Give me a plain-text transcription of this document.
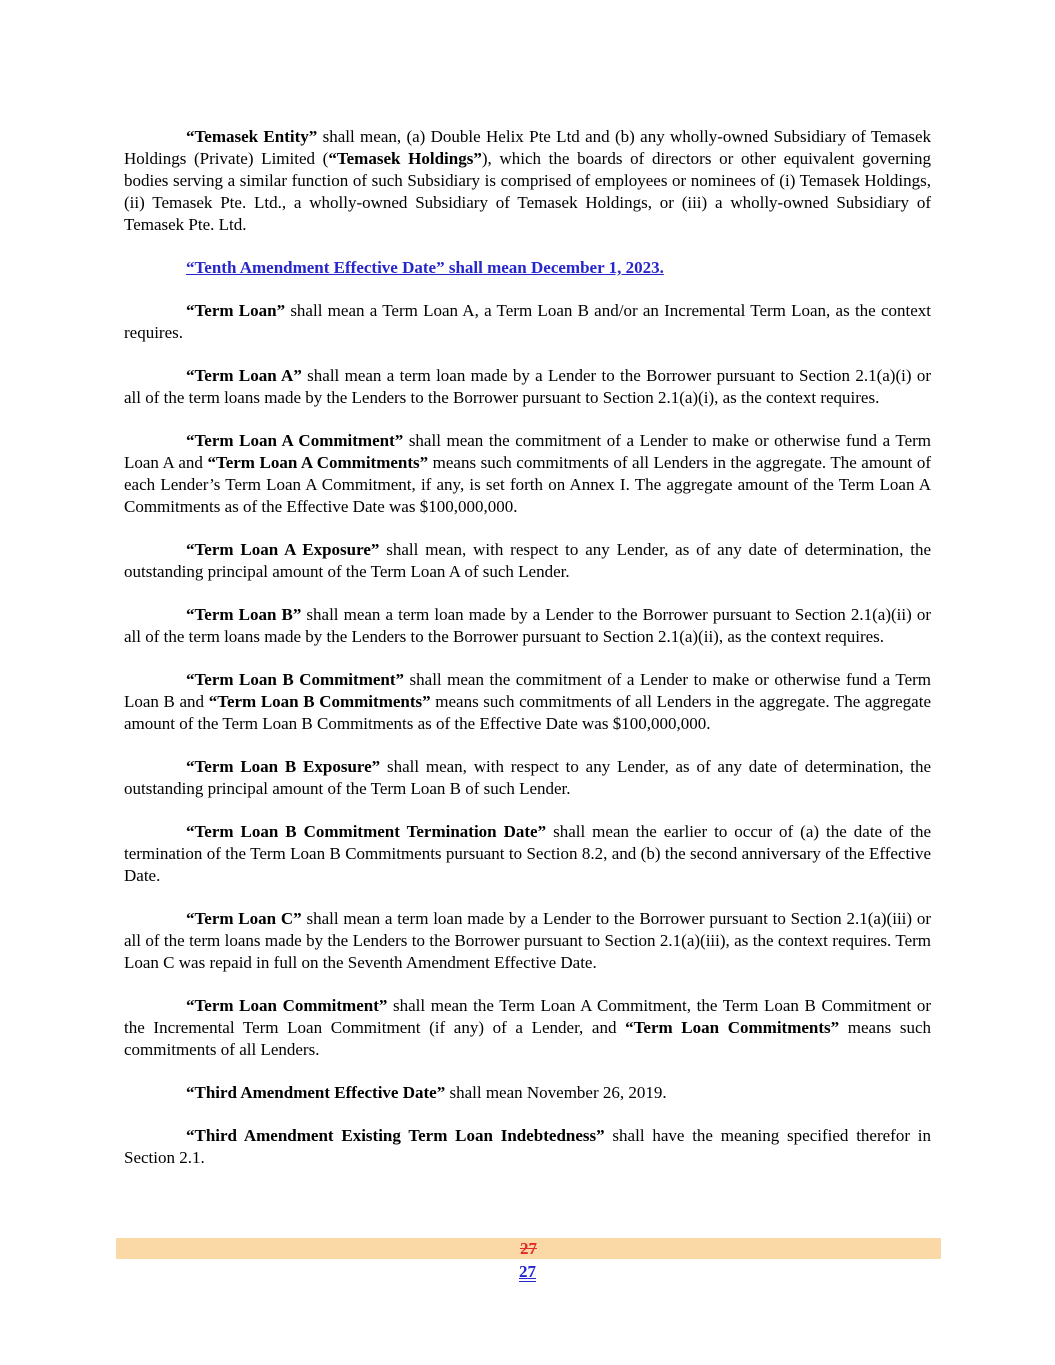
“Temasek Entity” shall mean, (a) Double Helix Pte Ltd and (b) any wholly-owned Subsidiary of Temasek Holdings (Private) Limited (“Temasek Holdings”), which the boards of directors or other equivalent governing bodies serving a similar function of such Subsidiary is comprised of employees or nominees of (i) Temasek Holdings, (ii) Temasek Pte. Ltd., a wholly-owned Subsidiary of Temasek Holdings, or (iii) a wholly-owned Subsidiary of Temasek Pte. Ltd.
“Tenth Amendment Effective Date” shall mean December 1, 2023.
“Term Loan” shall mean a Term Loan A, a Term Loan B and/or an Incremental Term Loan, as the context requires.
“Term Loan A” shall mean a term loan made by a Lender to the Borrower pursuant to Section 2.1(a)(i) or all of the term loans made by the Lenders to the Borrower pursuant to Section 2.1(a)(i), as the context requires.
“Term Loan A Commitment” shall mean the commitment of a Lender to make or otherwise fund a Term Loan A and “Term Loan A Commitments” means such commitments of all Lenders in the aggregate. The amount of each Lender’s Term Loan A Commitment, if any, is set forth on Annex I. The aggregate amount of the Term Loan A Commitments as of the Effective Date was $100,000,000.
“Term Loan A Exposure” shall mean, with respect to any Lender, as of any date of determination, the outstanding principal amount of the Term Loan A of such Lender.
“Term Loan B” shall mean a term loan made by a Lender to the Borrower pursuant to Section 2.1(a)(ii) or all of the term loans made by the Lenders to the Borrower pursuant to Section 2.1(a)(ii), as the context requires.
“Term Loan B Commitment” shall mean the commitment of a Lender to make or otherwise fund a Term Loan B and “Term Loan B Commitments” means such commitments of all Lenders in the aggregate. The aggregate amount of the Term Loan B Commitments as of the Effective Date was $100,000,000.
“Term Loan B Exposure” shall mean, with respect to any Lender, as of any date of determination, the outstanding principal amount of the Term Loan B of such Lender.
“Term Loan B Commitment Termination Date” shall mean the earlier to occur of (a) the date of the termination of the Term Loan B Commitments pursuant to Section 8.2, and (b) the second anniversary of the Effective Date.
“Term Loan C” shall mean a term loan made by a Lender to the Borrower pursuant to Section 2.1(a)(iii) or all of the term loans made by the Lenders to the Borrower pursuant to Section 2.1(a)(iii), as the context requires. Term Loan C was repaid in full on the Seventh Amendment Effective Date.
“Term Loan Commitment” shall mean the Term Loan A Commitment, the Term Loan B Commitment or the Incremental Term Loan Commitment (if any) of a Lender, and “Term Loan Commitments” means such commitments of all Lenders.
“Third Amendment Effective Date” shall mean November 26, 2019.
“Third Amendment Existing Term Loan Indebtedness” shall have the meaning specified therefor in Section 2.1.
27
27
